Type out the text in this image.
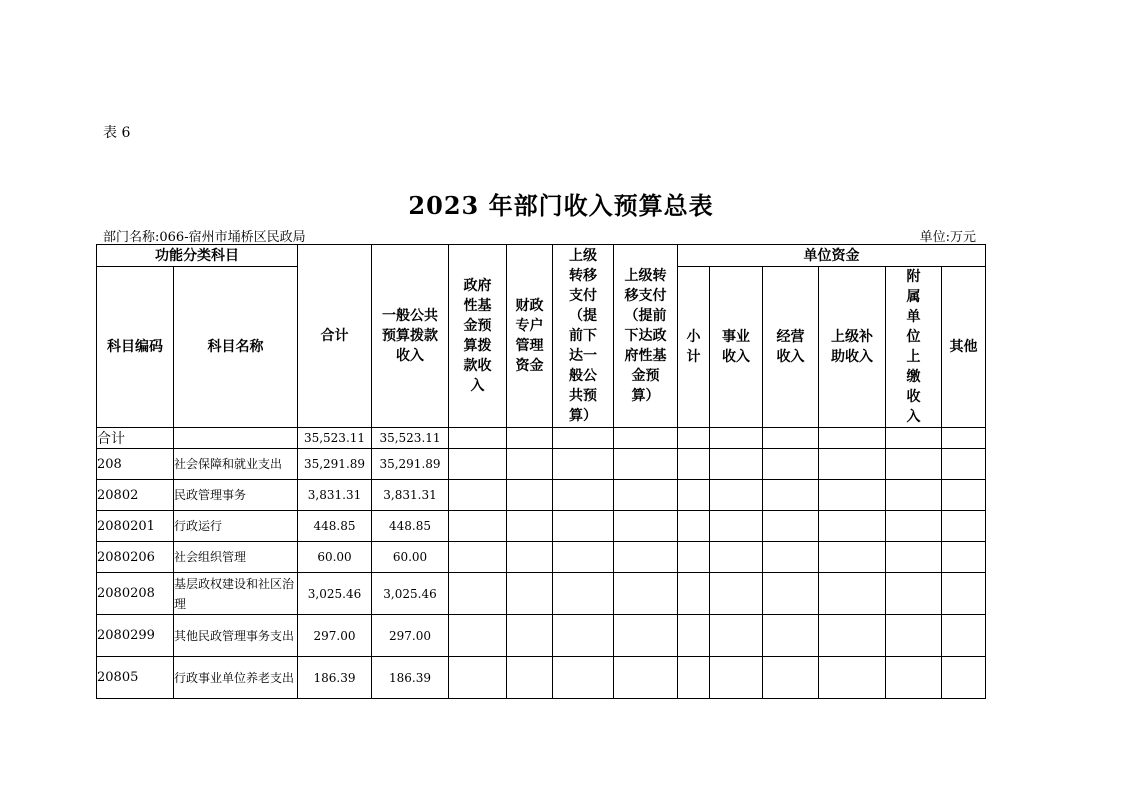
表 6
2023 年部门收入预算总表
部门名称:066-宿州市埇桥区民政局	单位:万元
功能分类科目		合计	一般公共预算拨款收入	政府性基金预算拨款收入	财政专户管理资金	上级转移支付（提前下达一般公共预算）	上级转移支付（提前下达政府性基金预算）	单位资金					
科目编码	科目名称							小计	事业收入	经营收入	上级补助收入	附属单位上缴收入	其他
合计		35,523.11	35,523.11										
208	社会保障和就业支出	35,291.89	35,291.89										
20802	民政管理事务	3,831.31	3,831.31										
2080201	行政运行	448.85	448.85										
2080206	社会组织管理	60.00	60.00										
2080208	基层政权建设和社区治理	3,025.46	3,025.46										
2080299	其他民政管理事务支出	297.00	297.00										
20805	行政事业单位养老支出	186.39	186.39										
